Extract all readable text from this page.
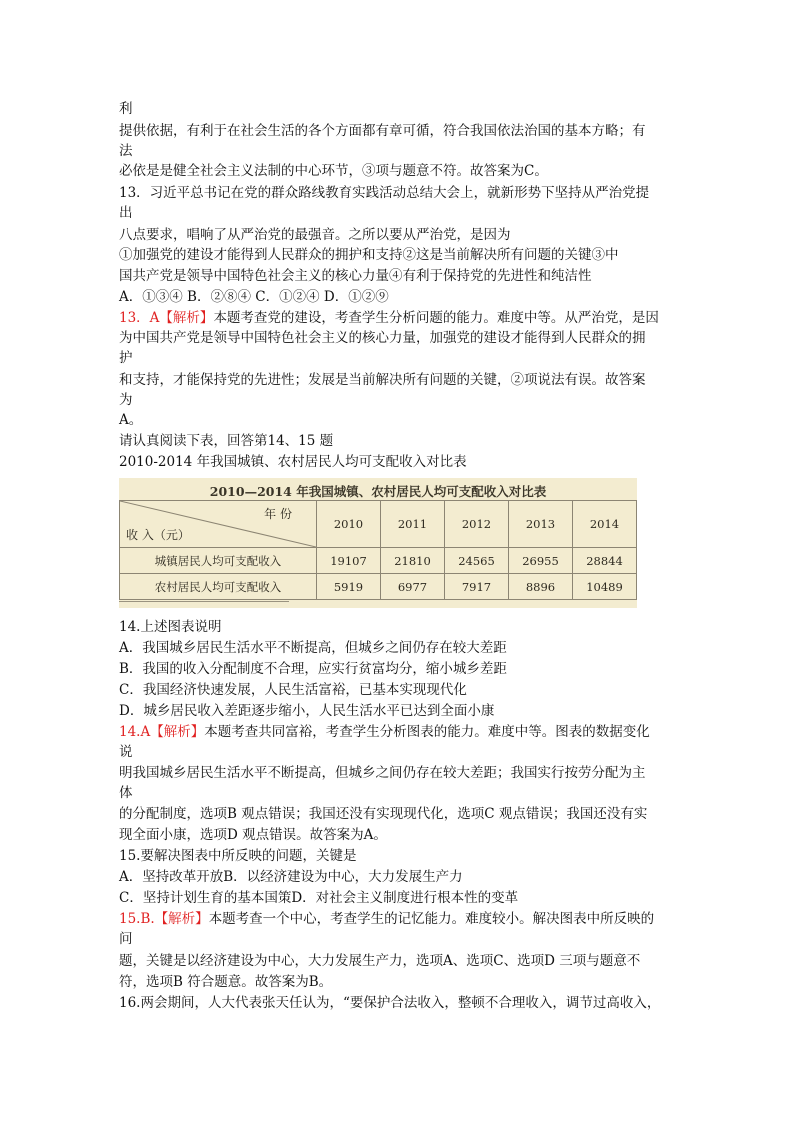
利
提供依据，有利于在社会生活的各个方面都有章可循，符合我国依法治国的基本方略；有
法
必依是是健全社会主义法制的中心环节，③项与题意不符。故答案为C。
13．习近平总书记在党的群众路线教育实践活动总结大会上，就新形势下坚持从严治党提
出
八点要求，唱响了从严治党的最强音。之所以要从严治党，是因为
①加强党的建设才能得到人民群众的拥护和支持②这是当前解决所有问题的关键③中
国共产党是领导中国特色社会主义的核心力量④有利于保持党的先进性和纯洁性
A．①③④ B．②⑧④ C．①②④ D．①②⑨
13．A【解析】本题考查党的建设，考查学生分析问题的能力。难度中等。从严治党，是因
为中国共产党是领导中国特色社会主义的核心力量，加强党的建设才能得到人民群众的拥
护
和支持，才能保持党的先进性；发展是当前解决所有问题的关键，②项说法有误。故答案
为
A。
请认真阅读下表，回答第14、15 题
2010-2014 年我国城镇、农村居民人均可支配收入对比表
2010—2014 年我国城镇、农村居民人均可支配收入对比表
年 份
收 入（元）	2010	2011	2012	2013	2014
城镇居民人均可支配收入	19107	21810	24565	26955	28844
农村居民人均可支配收入	5919	6977	7917	8896	10489
14.上述图表说明
A．我国城乡居民生活水平不断提高，但城乡之间仍存在较大差距
B．我国的收入分配制度不合理，应实行贫富均分，缩小城乡差距
C．我国经济快速发展，人民生活富裕，已基本实现现代化
D．城乡居民收入差距逐步缩小，人民生活水平已达到全面小康
14.A【解析】本题考查共同富裕，考查学生分析图表的能力。难度中等。图表的数据变化
说
明我国城乡居民生活水平不断提高，但城乡之间仍存在较大差距；我国实行按劳分配为主
体
的分配制度，选项B 观点错误；我国还没有实现现代化，选项C 观点错误；我国还没有实
现全面小康，选项D 观点错误。故答案为A。
15.要解决图表中所反映的问题，关键是
A．坚持改革开放B．以经济建设为中心，大力发展生产力
C．坚持计划生育的基本国策D．对社会主义制度进行根本性的变革
15.B.【解析】本题考查一个中心，考查学生的记忆能力。难度较小。解决图表中所反映的
问
题，关键是以经济建设为中心，大力发展生产力，选项A、选项C、选项D 三项与题意不
符，选项B 符合题意。故答案为B。
16.两会期间，人大代表张天任认为，“要保护合法收入，整顿不合理收入，调节过高收入，
